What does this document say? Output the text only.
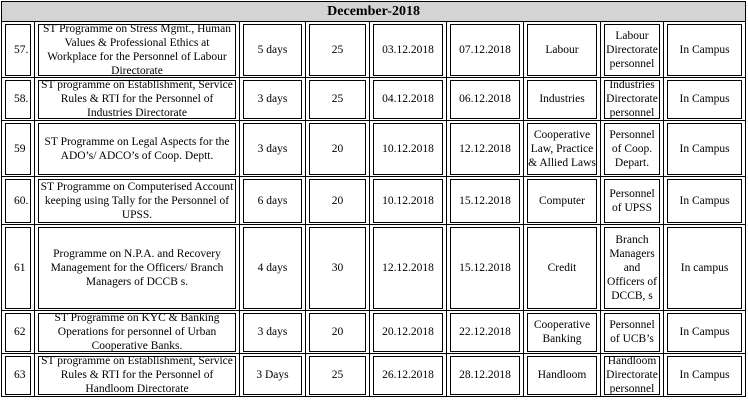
December-2018								

57.	ST Programme on Stress Mgmt., Human Values & Professional Ethics at Workplace for the Personnel of Labour Directorate	5 days	25	03.12.2018	07.12.2018	Labour	Labour Directorate personnel	In Campus

58.	ST programme on Establishment, Service Rules & RTI for the Personnel of Industries Directorate	3 days	25	04.12.2018	06.12.2018	Industries	Industries Directorate personnel	In Campus

59	ST Programme on Legal Aspects for the ADO’s/ ADCO’s of Coop. Deptt.	3 days	20	10.12.2018	12.12.2018	Cooperative Law, Practice & Allied Laws	Personnel of Coop. Depart.	In Campus

60.	ST Programme on Computerised Account keeping using Tally for the Personnel of UPSS.	6 days	20	10.12.2018	15.12.2018	Computer	Personnel of UPSS	In Campus

61	Programme on N.P.A. and Recovery Management for the Officers/ Branch Managers of DCCB s.	4 days	30	12.12.2018	15.12.2018	Credit	Branch Managers and Officers of DCCB, s	In campus

62	ST Programme on KYC & Banking Operations for personnel of Urban Cooperative Banks.	3 days	20	20.12.2018	22.12.2018	Cooperative Banking	Personnel of UCB’s	In Campus

63	ST programme on Establishment, Service Rules & RTI for the Personnel of Handloom Directorate	3 Days	25	26.12.2018	28.12.2018	Handloom	Handloom Directorate personnel	In Campus
